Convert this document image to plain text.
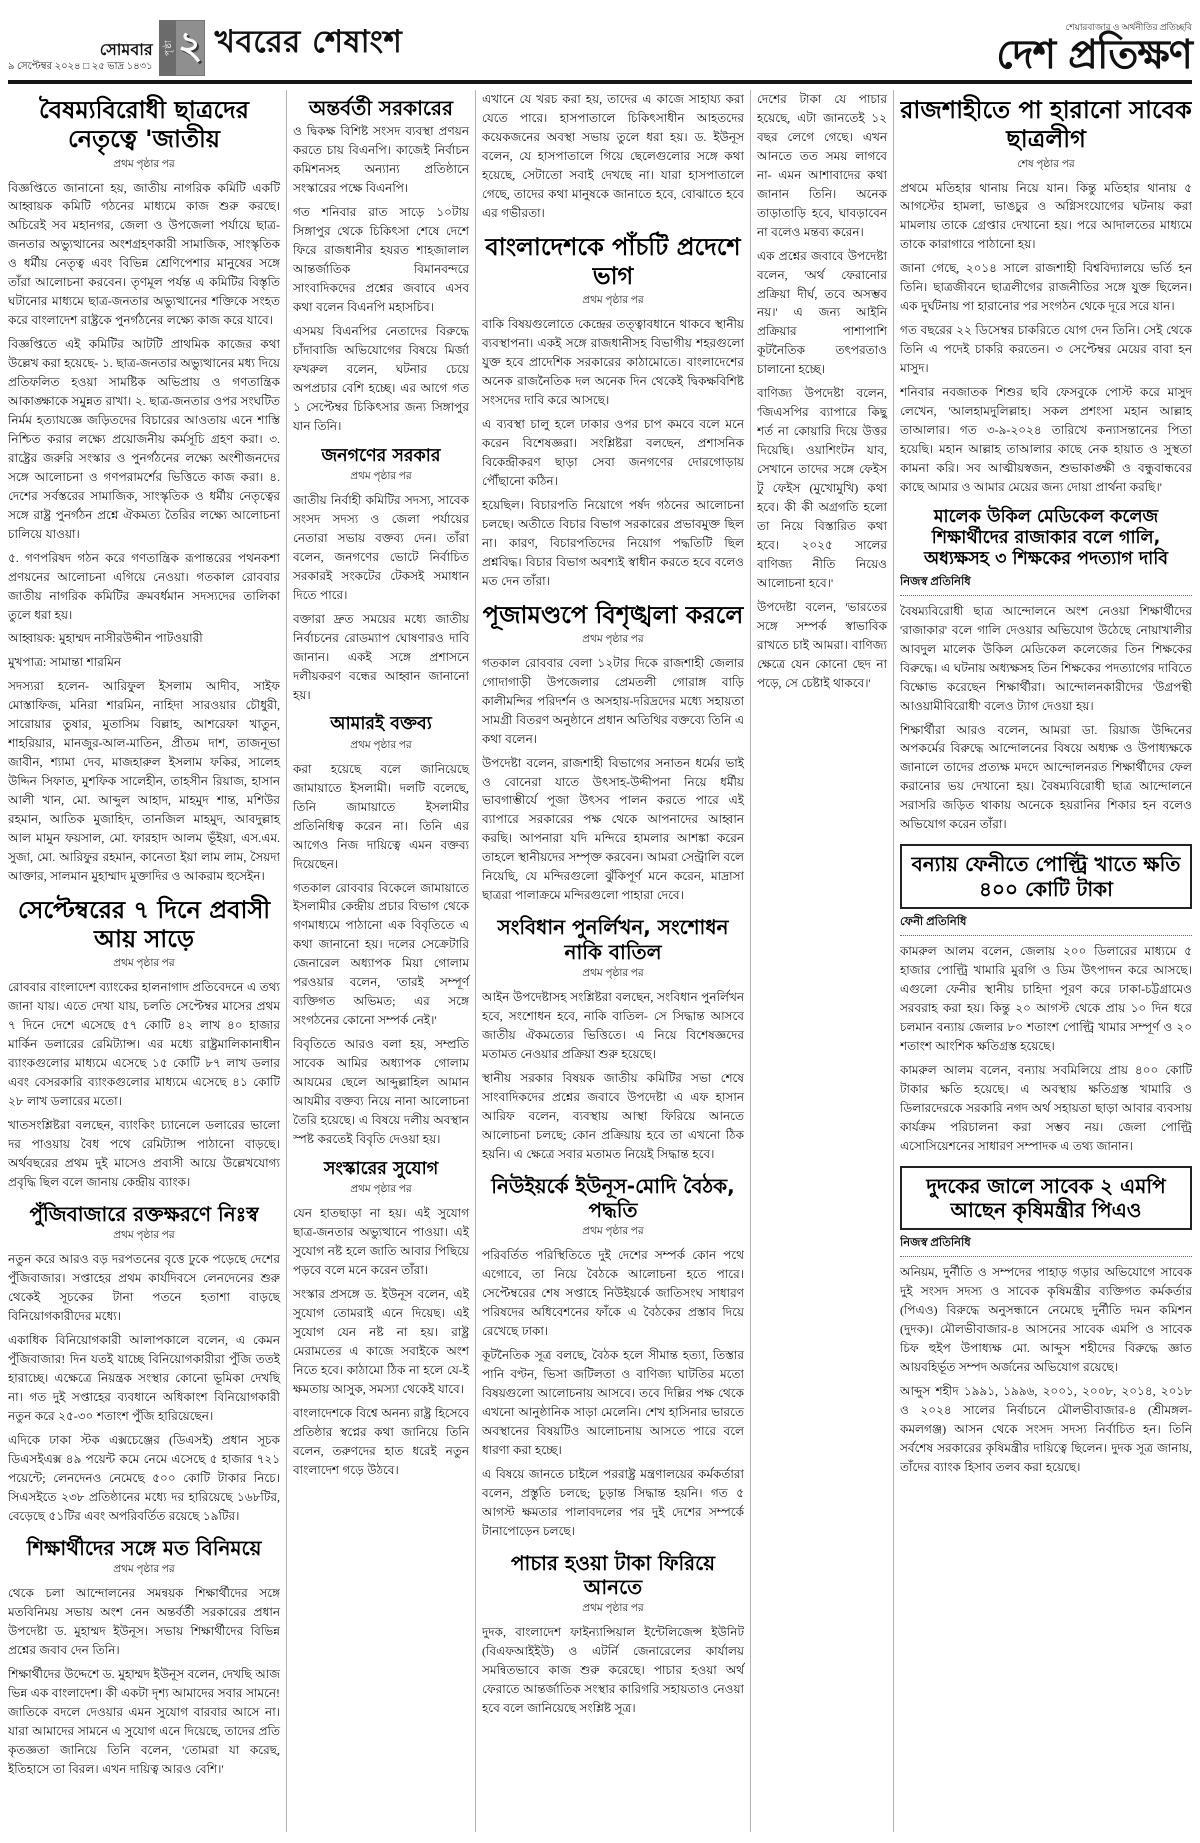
সোমবার
৯ সেপ্টেম্বর ২০২৪ □ ২৫ ভাদ্র ১৪৩১
পৃষ্ঠা ২ খবরের শেষাংশ	শেয়ারবাজার ও অর্থনীতির প্রতিচ্ছবি
দেশ প্রতিক্ষণ
বৈষম্যবিরোধী ছাত্রদের নেতৃত্বে 'জাতীয়
প্রথম পৃষ্ঠার পর

বিজ্ঞপ্তিতে জানানো হয়, জাতীয় নাগরিক কমিটি একটি আহ্বায়ক কমিটি গঠনের মাধ্যমে কাজ শুরু করছে। অচিরেই সব মহানগর, জেলা ও উপজেলা পর্যায়ে ছাত্র-জনতার অভ্যুত্থানের অংশগ্রহণকারী সামাজিক, সাংস্কৃতিক ও ধর্মীয় নেতৃত্ব এবং বিভিন্ন শ্রেণিপেশার মানুষের সঙ্গে তাঁরা আলোচনা করবেন। তৃণমূল পর্যন্ত এ কমিটির বিস্তৃতি ঘটানোর মাধ্যমে ছাত্র-জনতার অভ্যুত্থানের শক্তিকে সংহত করে বাংলাদেশ রাষ্ট্রকে পুনর্গঠনের লক্ষ্যে কাজ করে যাবে।

বিজ্ঞপ্তিতে এই কমিটির আটটি প্রাথমিক কাজের কথা উল্লেখ করা হয়েছে- ১. ছাত্র-জনতার অভ্যুত্থানের মধ্য দিয়ে প্রতিফলিত হওয়া সামষ্টিক অভিপ্রায় ও গণতান্ত্রিক আকাঙ্ক্ষাকে সমুন্নত রাখা। ২. ছাত্র-জনতার ওপর সংঘটিত নির্মম হত্যাযজ্ঞে জড়িতদের বিচারের আওতায় এনে শাস্তি নিশ্চিত করার লক্ষ্যে প্রয়োজনীয় কর্মসূচি গ্রহণ করা। ৩. রাষ্ট্রের জরুরি সংস্কার ও পুনর্গঠনের লক্ষ্যে অংশীজনদের সঙ্গে আলোচনা ও গণপরামর্শের ভিত্তিতে কাজ করা। ৪. দেশের সর্বস্তরের সামাজিক, সাংস্কৃতিক ও ধর্মীয় নেতৃত্বের সঙ্গে রাষ্ট্র পুনর্গঠন প্রশ্নে ঐকমত্য তৈরির লক্ষ্যে আলোচনা চালিয়ে যাওয়া।

৫. গণপরিষদ গঠন করে গণতান্ত্রিক রূপান্তরের পথনকশা প্রণয়নের আলোচনা এগিয়ে নেওয়া। গতকাল রোববার জাতীয় নাগরিক কমিটির ক্রমবর্ধমান সদস্যদের তালিকা তুলে ধরা হয়।

আহ্বায়ক: মুহাম্মদ নাসীরউদ্দীন পাটওয়ারী

মুখপাত্র: সামান্তা শারমিন

সদস্যরা হলেন- আরিফুল ইসলাম আদীব, সাইফ মোস্তাফিজ, মনিরা শারমিন, নাহিদা সারওয়ার চৌধুরী, সারোয়ার তুষার, মুতাসিম বিল্লাহ, আশরেফা খাতুন, শাহরিয়ার, মানজুর-আল-মাতিন, প্রীতম দাশ, তাজনূভা জাবীন, শ্যামা দেব, মাজহারুল ইসলাম ফকির, সালেহ উদ্দিন সিফাত, মুশফিক সালেহীন, তাহসীন রিয়াজ, হাসান আলী খান, মো. আব্দুল আহাদ, মাহমুদ শান্ত, মশিউর রহমান, আতিক মুজাহিদ, তানজিল মাহমুদ, আবদুল্লাহ আল মামুন ফয়সাল, মো. ফারহাদ আলম ভূঁইয়া, এস.এম. সুজা, মো. আরিফুর রহমান, কানেতা ইয়া লাম লাম, সৈয়দা আক্তার, সালমান মুহাম্মাদ মুক্তাদির ও আকরাম হুসেইন।

সেপ্টেম্বরের ৭ দিনে প্রবাসী আয় সাড়ে
প্রথম পৃষ্ঠার পর

রোববার বাংলাদেশ ব্যাংকের হালনাগাদ প্রতিবেদনে এ তথ্য জানা যায়। এতে দেখা যায়, চলতি সেপ্টেম্বর মাসের প্রথম ৭ দিনে দেশে এসেছে ৫৭ কোটি ৪২ লাখ ৪০ হাজার মার্কিন ডলারের রেমিট্যান্স। এর মধ্যে রাষ্ট্রমালিকানাধীন ব্যাংকগুলোর মাধ্যমে এসেছে ১৫ কোটি ৮৭ লাখ ডলার এবং বেসরকারি ব্যাংকগুলোর মাধ্যমে এসেছে ৪১ কোটি ২৮ লাখ ডলারের মতো।

খাতসংশ্লিষ্টরা বলছেন, ব্যাংকিং চ্যানেলে ডলারের ভালো দর পাওয়ায় বৈধ পথে রেমিট্যান্স পাঠানো বাড়ছে। অর্থবছরের প্রথম দুই মাসেও প্রবাসী আয়ে উল্লেখযোগ্য প্রবৃদ্ধি ছিল বলে জানায় কেন্দ্রীয় ব্যাংক।

পুঁজিবাজারে রক্তক্ষরণে নিঃস্ব
প্রথম পৃষ্ঠার পর

নতুন করে আরও বড় দরপতনের বৃত্তে ঢুকে পড়েছে দেশের পুঁজিবাজার। সপ্তাহের প্রথম কার্যদিবসে লেনদেনের শুরু থেকেই সূচকের টানা পতনে হতাশা বাড়ছে বিনিয়োগকারীদের মধ্যে।

একাধিক বিনিয়োগকারী আলাপকালে বলেন, এ কেমন পুঁজিবাজার! দিন যতই যাচ্ছে বিনিয়োগকারীরা পুঁজি ততই হারাচ্ছে। এক্ষেত্রে নিয়ন্ত্রক সংস্থার কোনো ভূমিকা দেখছি না। গত দুই সপ্তাহের ব্যবধানে অধিকাংশ বিনিয়োগকারী নতুন করে ২৫-৩০ শতাংশ পুঁজি হারিয়েছেন।

এদিকে ঢাকা স্টক এক্সচেঞ্জের (ডিএসই) প্রধান সূচক ডিএসইএক্স ৪৯ পয়েন্ট কমে নেমে এসেছে ৫ হাজার ৭২১ পয়েন্টে; লেনদেনও নেমেছে ৫০০ কোটি টাকার নিচে। সিএসইতে ২৩৮ প্রতিষ্ঠানের মধ্যে দর হারিয়েছে ১৬৮টির, বেড়েছে ৫১টির এবং অপরিবর্তিত রয়েছে ১৯টির।

শিক্ষার্থীদের সঙ্গে মত বিনিময়ে
প্রথম পৃষ্ঠার পর

থেকে চলা আন্দোলনের সমন্বয়ক শিক্ষার্থীদের সঙ্গে মতবিনিময় সভায় অংশ নেন অন্তর্বর্তী সরকারের প্রধান উপদেষ্টা ড. মুহাম্মদ ইউনূস। সভায় শিক্ষার্থীদের বিভিন্ন প্রশ্নের জবাব দেন তিনি।

শিক্ষার্থীদের উদ্দেশে ড. মুহাম্মদ ইউনূস বলেন, দেখছি আজ ভিন্ন এক বাংলাদেশ। কী একটা দৃশ্য আমাদের সবার সামনে! জাতিকে বদলে দেওয়ার এমন সুযোগ বারবার আসে না। যারা আমাদের সামনে এ সুযোগ এনে দিয়েছে, তাদের প্রতি কৃতজ্ঞতা জানিয়ে তিনি বলেন, 'তোমরা যা করেছ, ইতিহাসে তা বিরল। এখন দায়িত্ব আরও বেশি।'

অন্তর্বর্তী সরকারের

ও দ্বিকক্ষ বিশিষ্ট সংসদ ব্যবস্থা প্রণয়ন করতে চায় বিএনপি। কাজেই নির্বাচন কমিশনসহ অন্যান্য প্রতিষ্ঠানে সংস্কারের পক্ষে বিএনপি।

গত শনিবার রাত সাড়ে ১০টায় সিঙ্গাপুর থেকে চিকিৎসা শেষে দেশে ফিরে রাজধানীর হযরত শাহজালাল আন্তর্জাতিক বিমানবন্দরে সাংবাদিকদের প্রশ্নের জবাবে এসব কথা বলেন বিএনপি মহাসচিব।

এসময় বিএনপির নেতাদের বিরুদ্ধে চাঁদাবাজি অভিযোগের বিষয়ে মির্জা ফখরুল বলেন, ঘটনার চেয়ে অপপ্রচার বেশি হচ্ছে। এর আগে গত ১ সেপ্টেম্বর চিকিৎসার জন্য সিঙ্গাপুর যান তিনি।

জনগণের সরকার
প্রথম পৃষ্ঠার পর

জাতীয় নির্বাহী কমিটির সদস্য, সাবেক সংসদ সদস্য ও জেলা পর্যায়ের নেতারা সভায় বক্তব্য দেন। তাঁরা বলেন, জনগণের ভোটে নির্বাচিত সরকারই সংকটের টেকসই সমাধান দিতে পারে।

বক্তারা দ্রুত সময়ের মধ্যে জাতীয় নির্বাচনের রোডম্যাপ ঘোষণারও দাবি জানান। একই সঙ্গে প্রশাসনে দলীয়করণ বন্ধের আহ্বান জানানো হয়।

আমারই বক্তব্য
প্রথম পৃষ্ঠার পর

করা হয়েছে বলে জানিয়েছে জামায়াতে ইসলামী। দলটি বলেছে, তিনি জামায়াতে ইসলামীর প্রতিনিধিত্ব করেন না। তিনি এর আগেও নিজ দায়িত্বে এমন বক্তব্য দিয়েছেন।

গতকাল রোববার বিকেলে জামায়াতে ইসলামীর কেন্দ্রীয় প্রচার বিভাগ থেকে গণমাধ্যমে পাঠানো এক বিবৃতিতে এ কথা জানানো হয়। দলের সেক্রেটারি জেনারেল অধ্যাপক মিয়া গোলাম পরওয়ার বলেন, 'তারই সম্পূর্ণ ব্যক্তিগত অভিমত; এর সঙ্গে সংগঠনের কোনো সম্পর্ক নেই।'

বিবৃতিতে আরও বলা হয়, সম্প্রতি সাবেক আমির অধ্যাপক গোলাম আযমের ছেলে আব্দুল্লাহিল আমান আযমীর বক্তব্য নিয়ে নানা আলোচনা তৈরি হয়েছে। এ বিষয়ে দলীয় অবস্থান স্পষ্ট করতেই বিবৃতি দেওয়া হয়।

সংস্কারের সুযোগ
প্রথম পৃষ্ঠার পর

যেন হাতছাড়া না হয়। এই সুযোগ ছাত্র-জনতার অভ্যুত্থানে পাওয়া। এই সুযোগ নষ্ট হলে জাতি আবার পিছিয়ে পড়বে বলে মনে করেন তাঁরা।

সংস্কার প্রসঙ্গে ড. ইউনূস বলেন, এই সুযোগ তোমরাই এনে দিয়েছ। এই সুযোগ যেন নষ্ট না হয়। রাষ্ট্র মেরামতের এ কাজে সবাইকে অংশ নিতে হবে। কাঠামো ঠিক না হলে যে-ই ক্ষমতায় আসুক, সমস্যা থেকেই যাবে।

বাংলাদেশকে বিশ্বে অনন্য রাষ্ট্র হিসেবে প্রতিষ্ঠার স্বপ্নের কথা জানিয়ে তিনি বলেন, তরুণদের হাত ধরেই নতুন বাংলাদেশ গড়ে উঠবে।

এখানে যে খরচ করা হয়, তাদের এ কাজে সাহায্য করা যেতে পারে। হাসপাতালে চিকিৎসাধীন আহতদের কয়েকজনের অবস্থা সভায় তুলে ধরা হয়। ড. ইউনূস বলেন, যে হাসপাতালে গিয়ে ছেলেগুলোর সঙ্গে কথা হয়েছে, সেটাতো সবাই দেখছে না। যারা হাসপাতালে গেছে, তাদের কথা মানুষকে জানাতে হবে, বোঝাতে হবে এর গভীরতা।

বাংলাদেশকে পাঁচটি প্রদেশে ভাগ
প্রথম পৃষ্ঠার পর

বাকি বিষয়গুলোতে কেন্দ্রের তত্ত্বাবধানে থাকবে স্থানীয় ব্যবস্থাপনা। একই সঙ্গে রাজধানীসহ বিভাগীয় শহরগুলো যুক্ত হবে প্রাদেশিক সরকারের কাঠামোতে। বাংলাদেশের অনেক রাজনৈতিক দল অনেক দিন থেকেই দ্বিকক্ষবিশিষ্ট সংসদের দাবি করে আসছে।

এ ব্যবস্থা চালু হলে ঢাকার ওপর চাপ কমবে বলে মনে করেন বিশেষজ্ঞরা। সংশ্লিষ্টরা বলছেন, প্রশাসনিক বিকেন্দ্রীকরণ ছাড়া সেবা জনগণের দোরগোড়ায় পৌঁছানো কঠিন।

হয়েছিল। বিচারপতি নিয়োগে পর্ষদ গঠনের আলোচনা চলছে। অতীতে বিচার বিভাগ সরকারের প্রভাবমুক্ত ছিল না। কারণ, বিচারপতিদের নিয়োগ পদ্ধতিটি ছিল প্রশ্নবিদ্ধ। বিচার বিভাগ অবশ্যই স্বাধীন করতে হবে বলেও মত দেন তাঁরা।

পূজামণ্ডপে বিশৃঙ্খলা করলে
প্রথম পৃষ্ঠার পর

গতকাল রোববার বেলা ১২টার দিকে রাজশাহী জেলার গোদাগাড়ী উপজেলার প্রেমতলী গোরাঙ্গ বাড়ি কালীমন্দির পরিদর্শন ও অসহায়-দরিদ্রদের মধ্যে সহায়তা সামগ্রী বিতরণ অনুষ্ঠানে প্রধান অতিথির বক্তব্যে তিনি এ কথা বলেন।

উপদেষ্টা বলেন, রাজশাহী বিভাগের সনাতন ধর্মের ভাই ও বোনেরা যাতে উৎসাহ-উদ্দীপনা নিয়ে ধর্মীয় ভাবগাম্ভীর্যে পূজা উৎসব পালন করতে পারে এই ব্যাপারে সরকারের পক্ষ থেকে আপনাদের আহ্বান করছি। আপনারা যদি মন্দিরে হামলার আশঙ্কা করেন তাহলে স্থানীয়দের সম্পৃক্ত করবেন। আমরা সেন্ট্রালি বলে নিয়েছি, যে মন্দিরগুলো ঝুঁকিপূর্ণ মনে করেন, মাদ্রাসা ছাত্ররা পালাক্রমে মন্দিরগুলো পাহারা দেবে।

সংবিধান পুনর্লিখন, সংশোধন নাকি বাতিল
প্রথম পৃষ্ঠার পর

আইন উপদেষ্টাসহ সংশ্লিষ্টরা বলছেন, সংবিধান পুনর্লিখন হবে, সংশোধন হবে, নাকি বাতিল- সে সিদ্ধান্ত আসবে জাতীয় ঐকমত্যের ভিত্তিতে। এ নিয়ে বিশেষজ্ঞদের মতামত নেওয়ার প্রক্রিয়া শুরু হয়েছে।

স্থানীয় সরকার বিষয়ক জাতীয় কমিটির সভা শেষে সাংবাদিকদের প্রশ্নের জবাবে উপদেষ্টা এ এফ হাসান আরিফ বলেন, ব্যবস্থায় আস্থা ফিরিয়ে আনতে আলোচনা চলছে; কোন প্রক্রিয়ায় হবে তা এখনো ঠিক হয়নি। এ ক্ষেত্রে সবার মতামত নিয়েই সিদ্ধান্ত হবে।

নিউইয়র্কে ইউনূস-মোদি বৈঠক, পদ্ধতি
প্রথম পৃষ্ঠার পর

পরিবর্তিত পরিস্থিতিতে দুই দেশের সম্পর্ক কোন পথে এগোবে, তা নিয়ে বৈঠকে আলোচনা হতে পারে। সেপ্টেম্বরের শেষ সপ্তাহে নিউইয়র্কে জাতিসংঘ সাধারণ পরিষদের অধিবেশনের ফাঁকে এ বৈঠকের প্রস্তাব দিয়ে রেখেছে ঢাকা।

কূটনৈতিক সূত্র বলছে, বৈঠক হলে সীমান্ত হত্যা, তিস্তার পানি বণ্টন, ভিসা জটিলতা ও বাণিজ্য ঘাটতির মতো বিষয়গুলো আলোচনায় আসবে। তবে দিল্লির পক্ষ থেকে এখনো আনুষ্ঠানিক সাড়া মেলেনি। শেখ হাসিনার ভারতে অবস্থানের বিষয়টিও আলোচনায় আসতে পারে বলে ধারণা করা হচ্ছে।

এ বিষয়ে জানতে চাইলে পররাষ্ট্র মন্ত্রণালয়ের কর্মকর্তারা বলেন, প্রস্তুতি চলছে; চূড়ান্ত সিদ্ধান্ত হয়নি। গত ৫ আগস্ট ক্ষমতার পালাবদলের পর দুই দেশের সম্পর্কে টানাপোড়েন চলছে।

পাচার হওয়া টাকা ফিরিয়ে আনতে
প্রথম পৃষ্ঠার পর

দুদক, বাংলাদেশ ফাইন্যান্সিয়াল ইন্টেলিজেন্স ইউনিট (বিএফআইইউ) ও এটর্নি জেনারেলের কার্যালয় সমন্বিতভাবে কাজ শুরু করেছে। পাচার হওয়া অর্থ ফেরাতে আন্তর্জাতিক সংস্থার কারিগরি সহায়তাও নেওয়া হবে বলে জানিয়েছে সংশ্লিষ্ট সূত্র।

দেশের টাকা যে পাচার হয়েছে, এটা জানতেই ১২ বছর লেগে গেছে। এখন আনতে তত সময় লাগবে না- এমন আশাবাদের কথা জানান তিনি। অনেক তাড়াতাড়ি হবে, ঘাবড়াবেন না বলেও মন্তব্য করেন।

এক প্রশ্নের জবাবে উপদেষ্টা বলেন, 'অর্থ ফেরানোর প্রক্রিয়া দীর্ঘ, তবে অসম্ভব নয়।' এ জন্য আইনি প্রক্রিয়ার পাশাপাশি কূটনৈতিক তৎপরতাও চালানো হচ্ছে।

বাণিজ্য উপদেষ্টা বলেন, 'জিএসপির ব্যাপারে কিছু শর্ত না কোয়ারি দিয়ে উত্তর দিয়েছি। ওয়াশিংটন যাব, সেখানে তাদের সঙ্গে ফেইস টু ফেইস (মুখোমুখি) কথা হবে। কী কী অগ্রগতি হলো তা নিয়ে বিস্তারিত কথা হবে। ২০২৫ সালের বাণিজ্য নীতি নিয়েও আলোচনা হবে।'

উপদেষ্টা বলেন, 'ভারতের সঙ্গে সম্পর্ক স্বাভাবিক রাখতে চাই আমরা। বাণিজ্য ক্ষেত্রে যেন কোনো ছেদ না পড়ে, সে চেষ্টাই থাকবে।'

রাজশাহীতে পা হারানো সাবেক ছাত্রলীগ
শেষ পৃষ্ঠার পর

প্রথমে মতিহার থানায় নিয়ে যান। কিন্তু মতিহার থানায় ৫ আগস্টের হামলা, ভাঙচুর ও অগ্নিসংযোগের ঘটনায় করা মামলায় তাকে গ্রেপ্তার দেখানো হয়। পরে আদালতের মাধ্যমে তাকে কারাগারে পাঠানো হয়।

জানা গেছে, ২০১৪ সালে রাজশাহী বিশ্ববিদ্যালয়ে ভর্তি হন তিনি। ছাত্রজীবনে ছাত্রলীগের রাজনীতির সঙ্গে যুক্ত ছিলেন। এক দুর্ঘটনায় পা হারানোর পর সংগঠন থেকে দূরে সরে যান।

গত বছরের ২২ ডিসেম্বর চাকরিতে যোগ দেন তিনি। সেই থেকে তিনি এ পদেই চাকরি করতেন। ৩ সেপ্টেম্বর মেয়ের বাবা হন মাসুদ।

শনিবার নবজাতক শিশুর ছবি ফেসবুকে পোস্ট করে মাসুদ লেখেন, 'আলহামদুলিল্লাহ। সকল প্রশংসা মহান আল্লাহ তাআলার। গত ৩-৯-২০২৪ তারিখে কন্যাসন্তানের পিতা হয়েছি। মহান আল্লাহ তাআলার কাছে নেক হায়াত ও সুস্থতা কামনা করি। সব আত্মীয়স্বজন, শুভাকাঙ্ক্ষী ও বন্ধুবান্ধবের কাছে আমার ও আমার মেয়ের জন্য দোয়া প্রার্থনা করছি।'

মালেক উকিল মেডিকেল কলেজ শিক্ষার্থীদের রাজাকার বলে গালি, অধ্যক্ষসহ ৩ শিক্ষকের পদত্যাগ দাবি
নিজস্ব প্রতিনিধি

বৈষম্যবিরোধী ছাত্র আন্দোলনে অংশ নেওয়া শিক্ষার্থীদের 'রাজাকার' বলে গালি দেওয়ার অভিযোগ উঠেছে নোয়াখালীর আবদুল মালেক উকিল মেডিকেল কলেজের তিন শিক্ষকের বিরুদ্ধে। এ ঘটনায় অধ্যক্ষসহ তিন শিক্ষকের পদত্যাগের দাবিতে বিক্ষোভ করেছেন শিক্ষার্থীরা। আন্দোলনকারীদের 'উগ্রপন্থী আওয়ামীবিরোধী' বলেও ট্যাগ দেওয়া হয়।

শিক্ষার্থীরা আরও বলেন, আমরা ডা. রিয়াজ উদ্দিনের অপকর্মের বিরুদ্ধে আন্দোলনের বিষয়ে অধ্যক্ষ ও উপাধ্যক্ষকে জানালে তাদের প্রত্যক্ষ মদদে আন্দোলনরত শিক্ষার্থীদের ফেল করানোর ভয় দেখানো হয়। বৈষম্যবিরোধী ছাত্র আন্দোলনে সরাসরি জড়িত থাকায় অনেকে হয়রানির শিকার হন বলেও অভিযোগ করেন তাঁরা।

বন্যায় ফেনীতে পোল্ট্রি খাতে ক্ষতি ৪০০ কোটি টাকা
ফেনী প্রতিনিধি

কামরুল আলম বলেন, জেলায় ২০০ ডিলারের মাধ্যমে ৫ হাজার পোল্ট্রি খামারি মুরগি ও ডিম উৎপাদন করে আসছে। এগুলো ফেনীর স্থানীয় চাহিদা পূরণ করে ঢাকা-চট্টগ্রামেও সরবরাহ করা হয়। কিন্তু ২০ আগস্ট থেকে প্রায় ১০ দিন ধরে চলমান বন্যায় জেলার ৮০ শতাংশ পোল্ট্রি খামার সম্পূর্ণ ও ২০ শতাংশ আংশিক ক্ষতিগ্রস্ত হয়েছে।

কামরুল আলম বলেন, বন্যায় সবমিলিয়ে প্রায় ৪০০ কোটি টাকার ক্ষতি হয়েছে। এ অবস্থায় ক্ষতিগ্রস্ত খামারি ও ডিলারদেরকে সরকারি নগদ অর্থ সহায়তা ছাড়া আবার ব্যবসায় কার্যক্রম পরিচালনা করা সম্ভব নয়। জেলা পোল্ট্রি এসোসিয়েশনের সাধারণ সম্পাদক এ তথ্য জানান।

দুদকের জালে সাবেক ২ এমপি আছেন কৃষিমন্ত্রীর পিএও
নিজস্ব প্রতিনিধি

অনিয়ম, দুর্নীতি ও সম্পদের পাহাড় গড়ার অভিযোগে সাবেক দুই সংসদ সদস্য ও সাবেক কৃষিমন্ত্রীর ব্যক্তিগত কর্মকর্তার (পিএও) বিরুদ্ধে অনুসন্ধানে নেমেছে দুর্নীতি দমন কমিশন (দুদক)। মৌলভীবাজার-৪ আসনের সাবেক এমপি ও সাবেক চিফ হুইপ উপাধ্যক্ষ মো. আব্দুস শহীদের বিরুদ্ধে জ্ঞাত আয়বহির্ভূত সম্পদ অর্জনের অভিযোগ রয়েছে।

আব্দুস শহীদ ১৯৯১, ১৯৯৬, ২০০১, ২০০৮, ২০১৪, ২০১৮ ও ২০২৪ সালের নির্বাচনে মৌলভীবাজার-৪ (শ্রীমঙ্গল-কমলগঞ্জ) আসন থেকে সংসদ সদস্য নির্বাচিত হন। তিনি সর্বশেষ সরকারের কৃষিমন্ত্রীর দায়িত্বে ছিলেন। দুদক সূত্র জানায়, তাঁদের ব্যাংক হিসাব তলব করা হয়েছে।
